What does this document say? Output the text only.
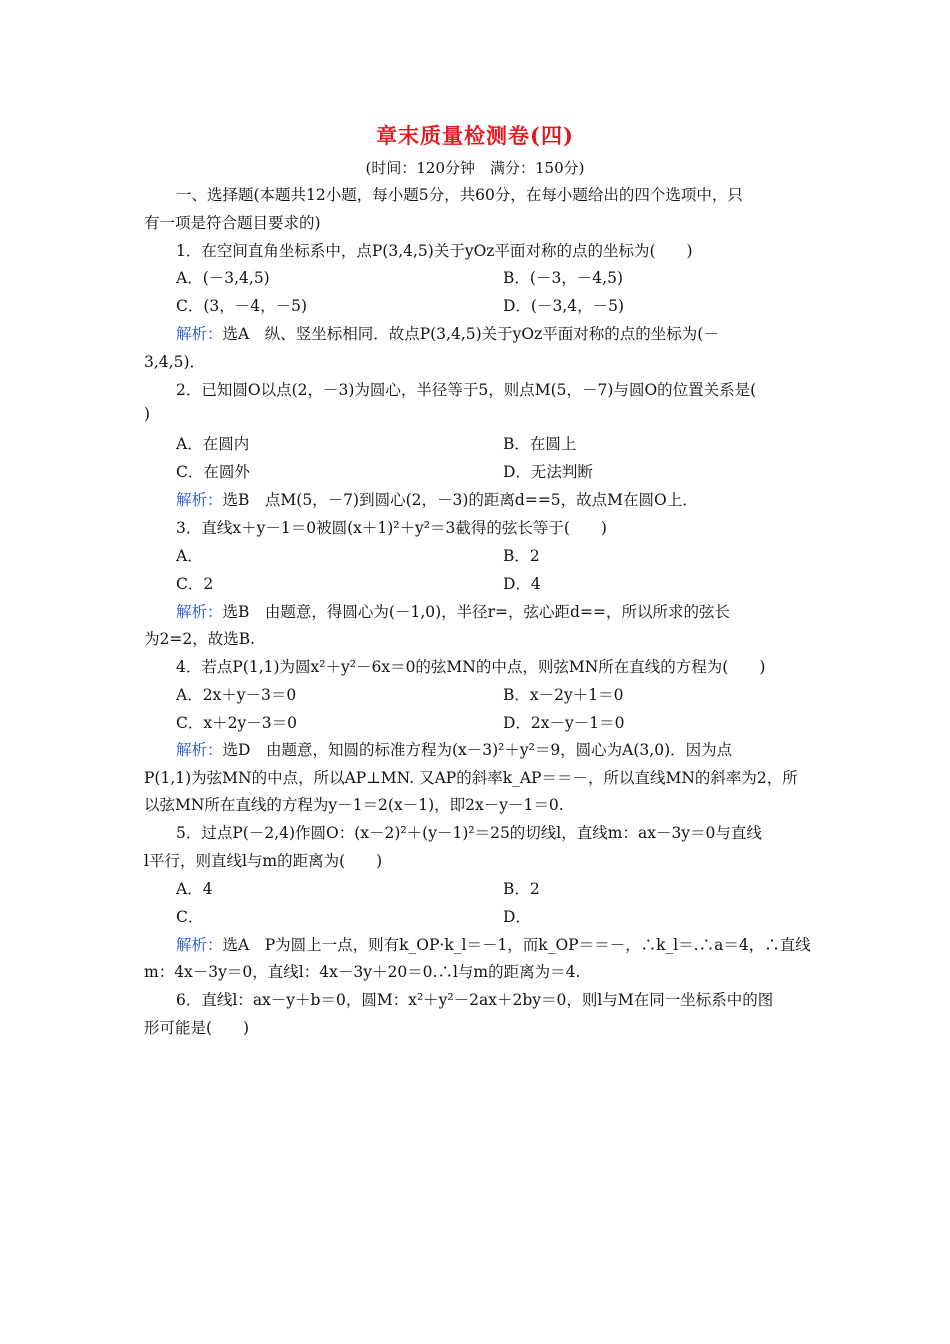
章末质量检测卷(四)
(时间：120分钟　满分：150分)
一、选择题(本题共12小题，每小题5分，共60分，在每小题给出的四个选项中，只
有一项是符合题目要求的)
1．在空间直角坐标系中，点P(3,4,5)关于yOz平面对称的点的坐标为(　　)
A．(－3,4,5)	B．(－3，－4,5)
C．(3，－4，－5)	D．(－3,4，－5)
解析：选A　纵、竖坐标相同．故点P(3,4,5)关于yOz平面对称的点的坐标为(－
3,4,5)．
2．已知圆O以点(2，－3)为圆心，半径等于5，则点M(5，－7)与圆O的位置关系是(
)
A．在圆内	B．在圆上
C．在圆外	D．无法判断
解析：选B　点M(5，－7)到圆心(2，－3)的距离d==5，故点M在圆O上．
3．直线x＋y－1＝0被圆(x＋1)²＋y²＝3截得的弦长等于(　　)
A．	B．2
C．2	D．4
解析：选B　由题意，得圆心为(－1,0)，半径r=，弦心距d==，所以所求的弦长
为2=2，故选B.
4．若点P(1,1)为圆x²＋y²－6x＝0的弦MN的中点，则弦MN所在直线的方程为(　　)
A．2x＋y－3＝0	B．x－2y＋1＝0
C．x＋2y－3＝0	D．2x－y－1＝0
解析：选D　由题意，知圆的标准方程为(x－3)²＋y²＝9，圆心为A(3,0)．因为点
P(1,1)为弦MN的中点，所以AP⊥MN. 又AP的斜率k_AP＝＝－，所以直线MN的斜率为2，所
以弦MN所在直线的方程为y－1＝2(x－1)，即2x－y－1＝0.
5．过点P(－2,4)作圆O：(x－2)²＋(y－1)²＝25的切线l，直线m：ax－3y＝0与直线
l平行，则直线l与m的距离为(　　)
A．4	B．2
C．	D．
解析：选A　P为圆上一点，则有k_OP·k_l＝－1，而k_OP＝＝－，∴k_l＝.∴a＝4，∴直线
m：4x－3y＝0，直线l：4x－3y＋20＝0.∴l与m的距离为＝4.
6．直线l：ax－y＋b＝0，圆M：x²＋y²－2ax＋2by＝0，则l与M在同一坐标系中的图
形可能是(　　)
